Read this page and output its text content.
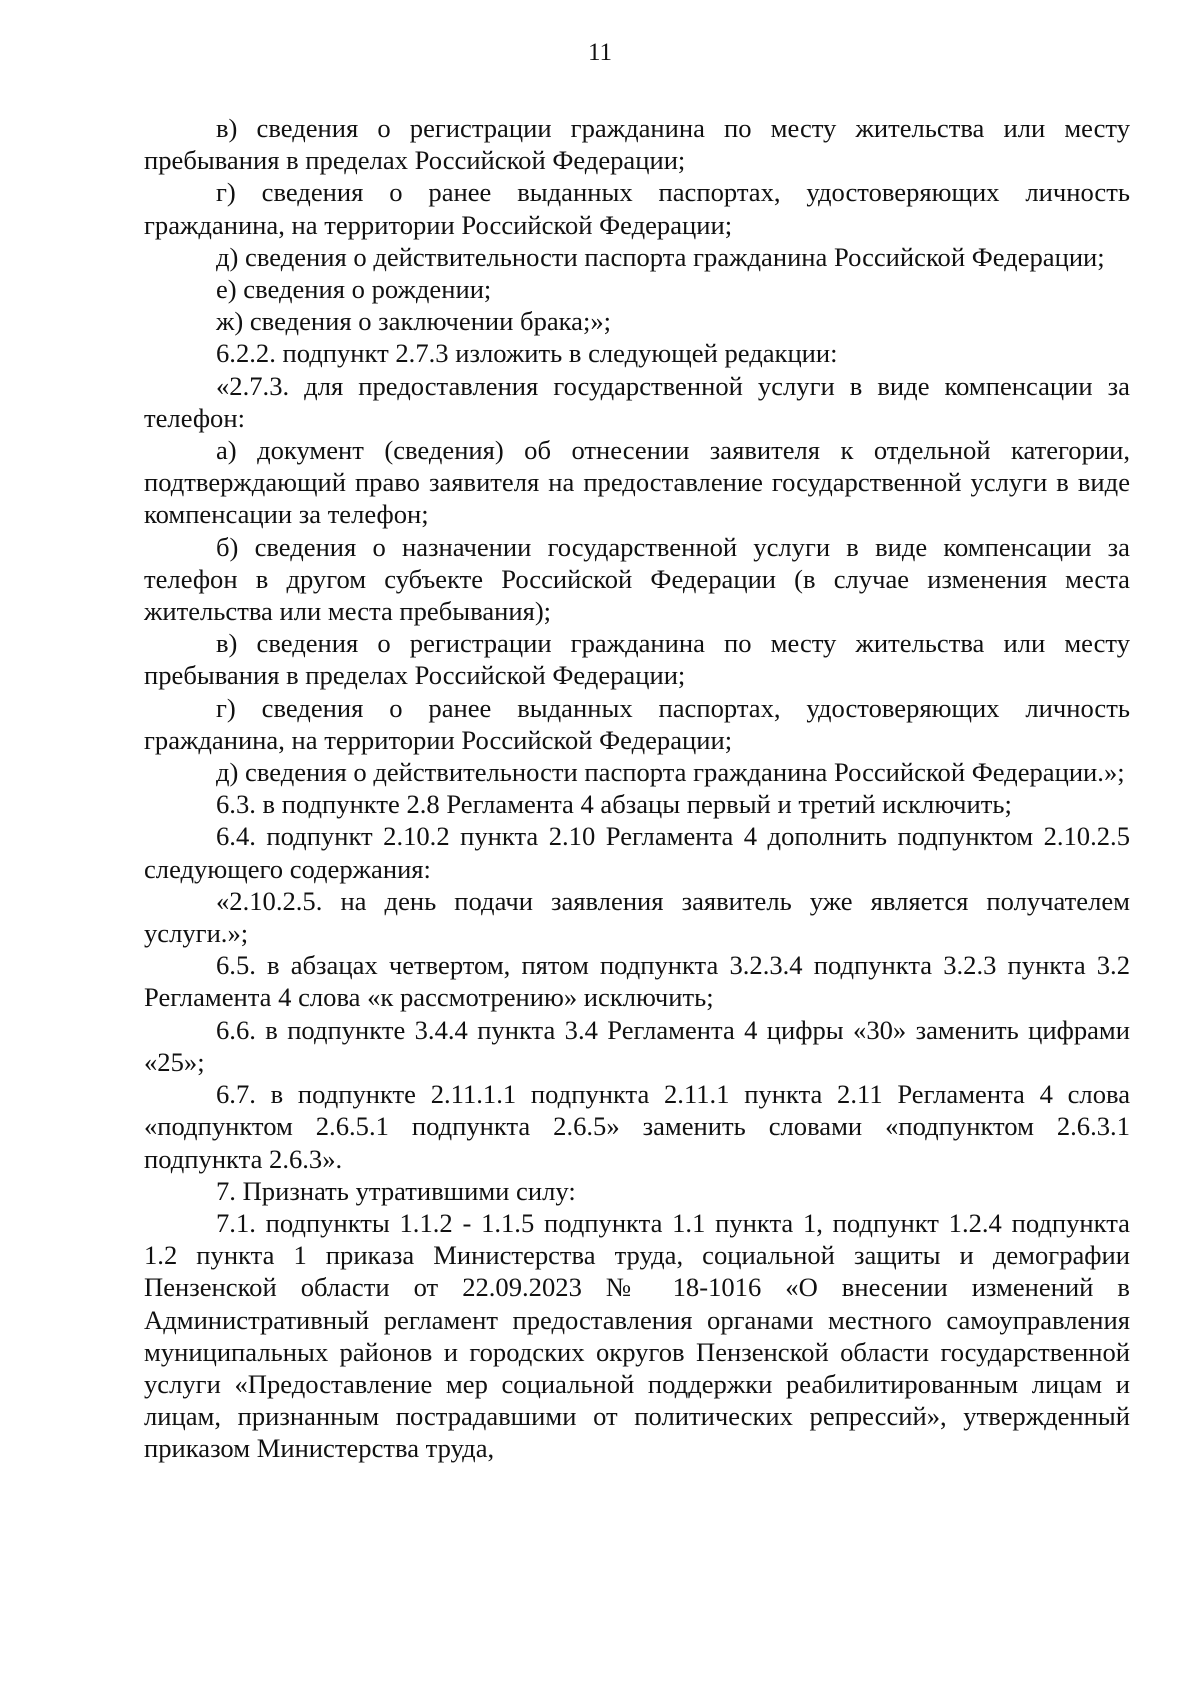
11

в) сведения о регистрации гражданина по месту жительства или месту пребывания в пределах Российской Федерации;

г) сведения о ранее выданных паспортах, удостоверяющих личность гражданина, на территории Российской Федерации;

д) сведения о действительности паспорта гражданина Российской Федерации;

е) сведения о рождении;

ж) сведения о заключении брака;»;

6.2.2. подпункт 2.7.3 изложить в следующей редакции:

«2.7.3. для предоставления государственной услуги в виде компенсации за телефон:

а) документ (сведения) об отнесении заявителя к отдельной категории, подтверждающий право заявителя на предоставление государственной услуги в виде компенсации за телефон;

б) сведения о назначении государственной услуги в виде компенсации за телефон в другом субъекте Российской Федерации (в случае изменения места жительства или места пребывания);

в) сведения о регистрации гражданина по месту жительства или месту пребывания в пределах Российской Федерации;

г) сведения о ранее выданных паспортах, удостоверяющих личность гражданина, на территории Российской Федерации;

д) сведения о действительности паспорта гражданина Российской Федерации.»;

6.3. в подпункте 2.8 Регламента 4 абзацы первый и третий исключить;

6.4. подпункт 2.10.2 пункта 2.10 Регламента 4 дополнить подпунктом 2.10.2.5 следующего содержания:

«2.10.2.5. на день подачи заявления заявитель уже является получателем услуги.»;

6.5. в абзацах четвертом, пятом подпункта 3.2.3.4 подпункта 3.2.3 пункта 3.2 Регламента 4 слова «к рассмотрению» исключить;

6.6. в подпункте 3.4.4 пункта 3.4 Регламента 4 цифры «30» заменить цифрами «25»;

6.7. в подпункте 2.11.1.1 подпункта 2.11.1 пункта 2.11 Регламента 4 слова «подпунктом 2.6.5.1 подпункта 2.6.5» заменить словами «подпунктом 2.6.3.1 подпункта 2.6.3».

7. Признать утратившими силу:

7.1. подпункты 1.1.2 - 1.1.5 подпункта 1.1 пункта 1, подпункт 1.2.4 подпункта 1.2 пункта 1 приказа Министерства труда, социальной защиты и демографии Пензенской области от 22.09.2023 № 18-1016 «О внесении изменений в Административный регламент предоставления органами местного самоуправления муниципальных районов и городских округов Пензенской области государственной услуги «Предоставление мер социальной поддержки реабилитированным лицам и лицам, признанным пострадавшими от политических репрессий», утвержденный приказом Министерства труда,
